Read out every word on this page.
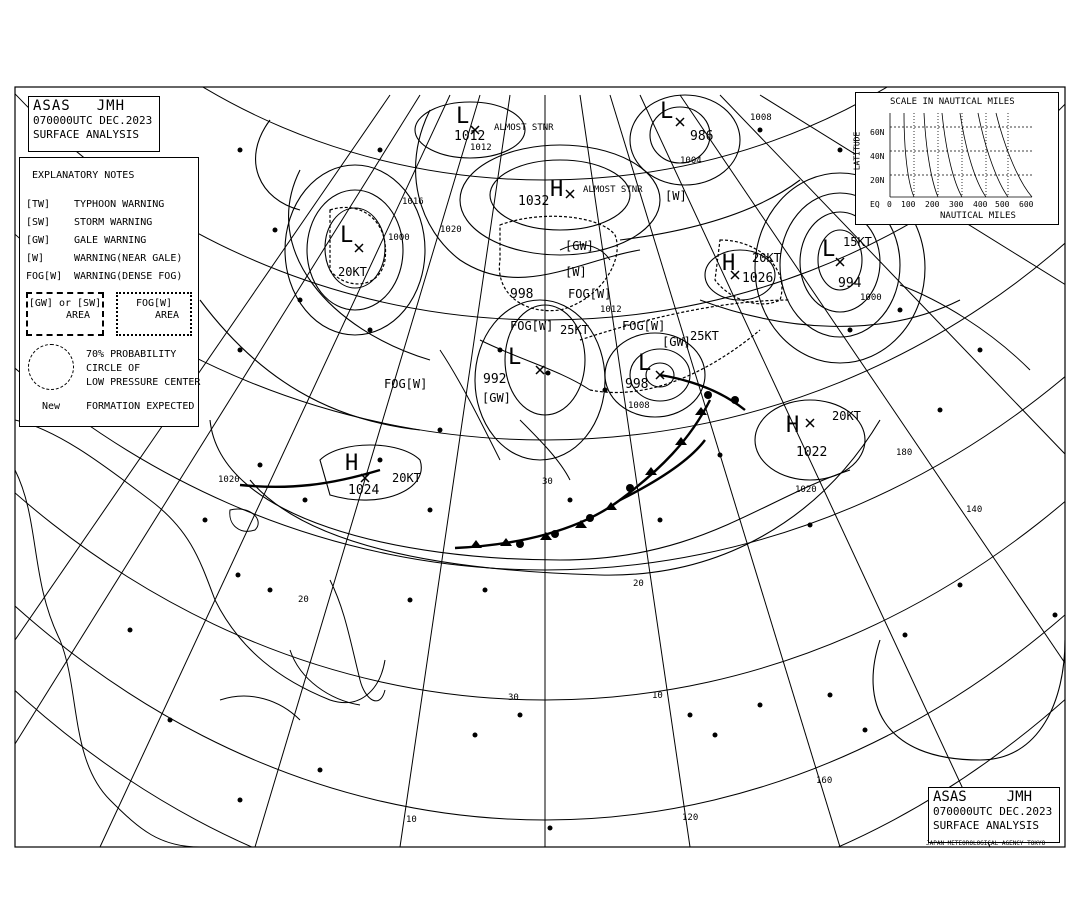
L	L
L
L
L
L
H
H
H
H
998
998
992
986
994
1012
1032
1026
1022
1024
[GW]
[GW]
[GW]
[W]
[W]
FOG[W]
FOG[W]	FOG[W]
FOG[W]
20KT
20KT
20KT
25KT	25KT
20KT
15KT
ALMOST STNR
ALMOST STNR
1020
1020
1020
1016
1012
1008
1004
1000
1000
1008
1012
30
20
10
20
30
10
160
180
140
120
ASAS JMH
070000UTC DEC.2023
SURFACE ANALYSIS
EXPLANATORY NOTES
[TW]	TYPHOON WARNING
[SW]	STORM WARNING
[GW]	GALE WARNING
[W]	WARNING(NEAR GALE)
FOG[W]	WARNING(DENSE FOG)
[GW] or [SW]
AREA
FOG[W]
AREA
70% PROBABILITY
CIRCLE OF
LOW PRESSURE CENTER
New	FORMATION EXPECTED
SCALE IN NAUTICAL MILES
LATITUDE 60N
40N
20N
EQ 0 100 200 300 400 500 600
NAUTICAL MILES
ASAS	JMH
070000UTC DEC.2023
SURFACE ANALYSIS
JAPAN METEOROLOGICAL AGENCY TOKYO
